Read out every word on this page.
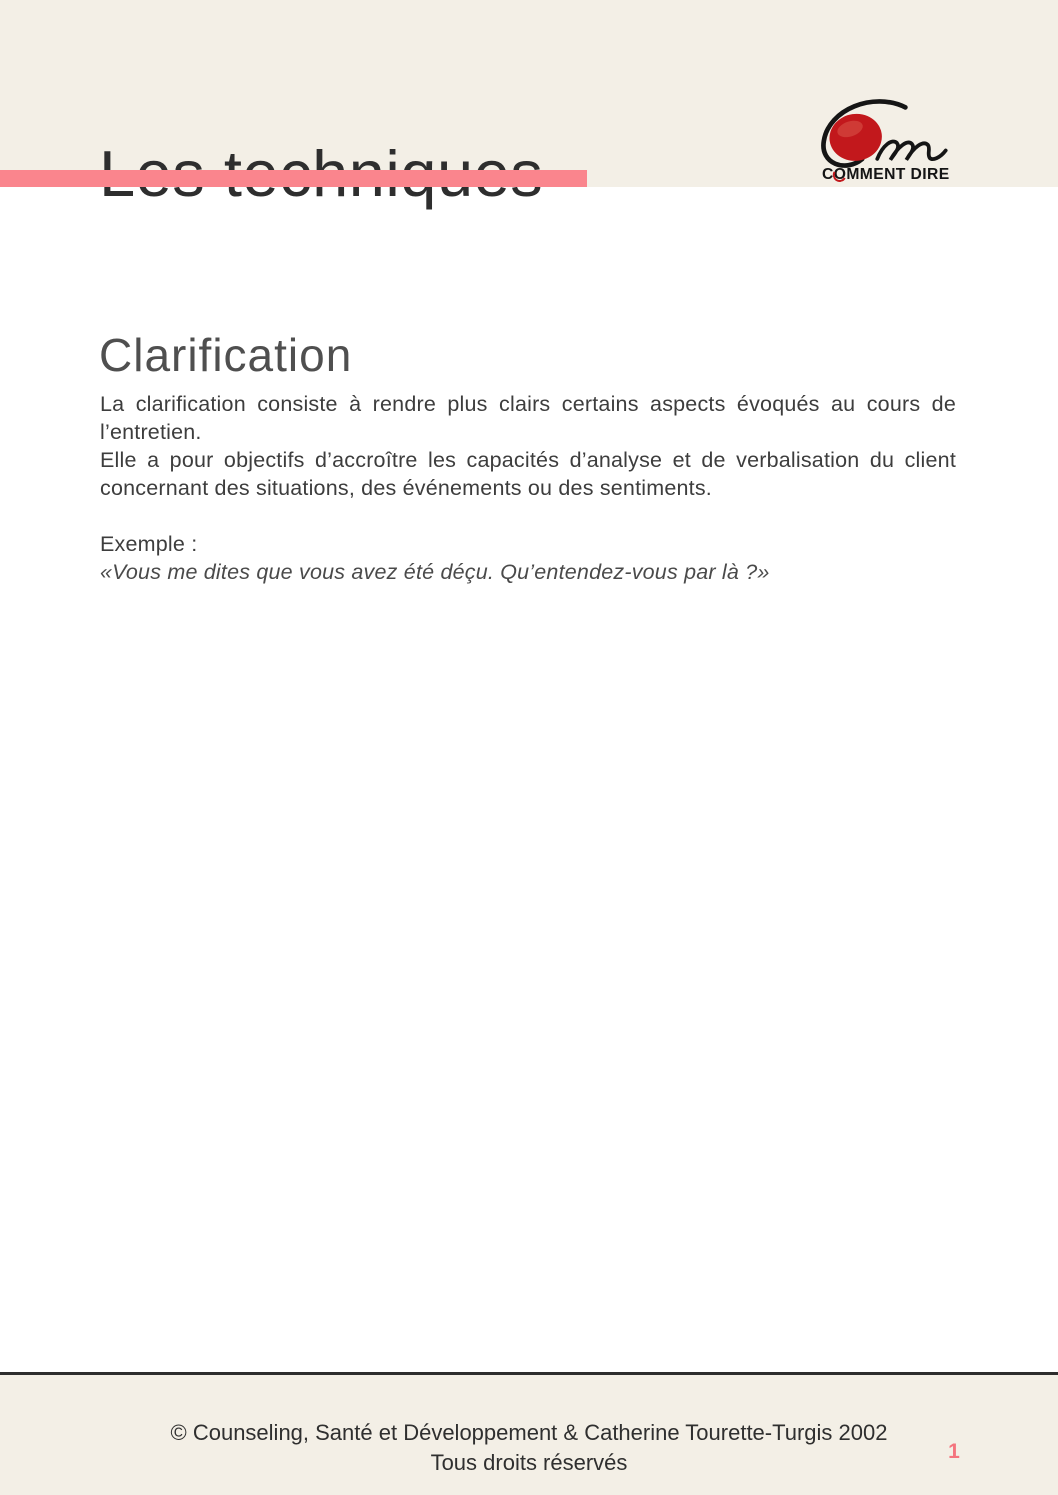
CO
MMENT DIRE
Clarification

La clarification consiste à rendre plus clairs certains aspects évoqués au cours de l’entretien.

Elle a pour objectifs d’accroître les capacités d’analyse et de verbalisation du client concernant des situations, des événements ou des sentiments.

Exemple :

«Vous me dites que vous avez été déçu. Qu’entendez-vous par là ?»

© Counseling, Santé et Développement & Catherine Tourette-Turgis 2002

Tous droits réservés	1
